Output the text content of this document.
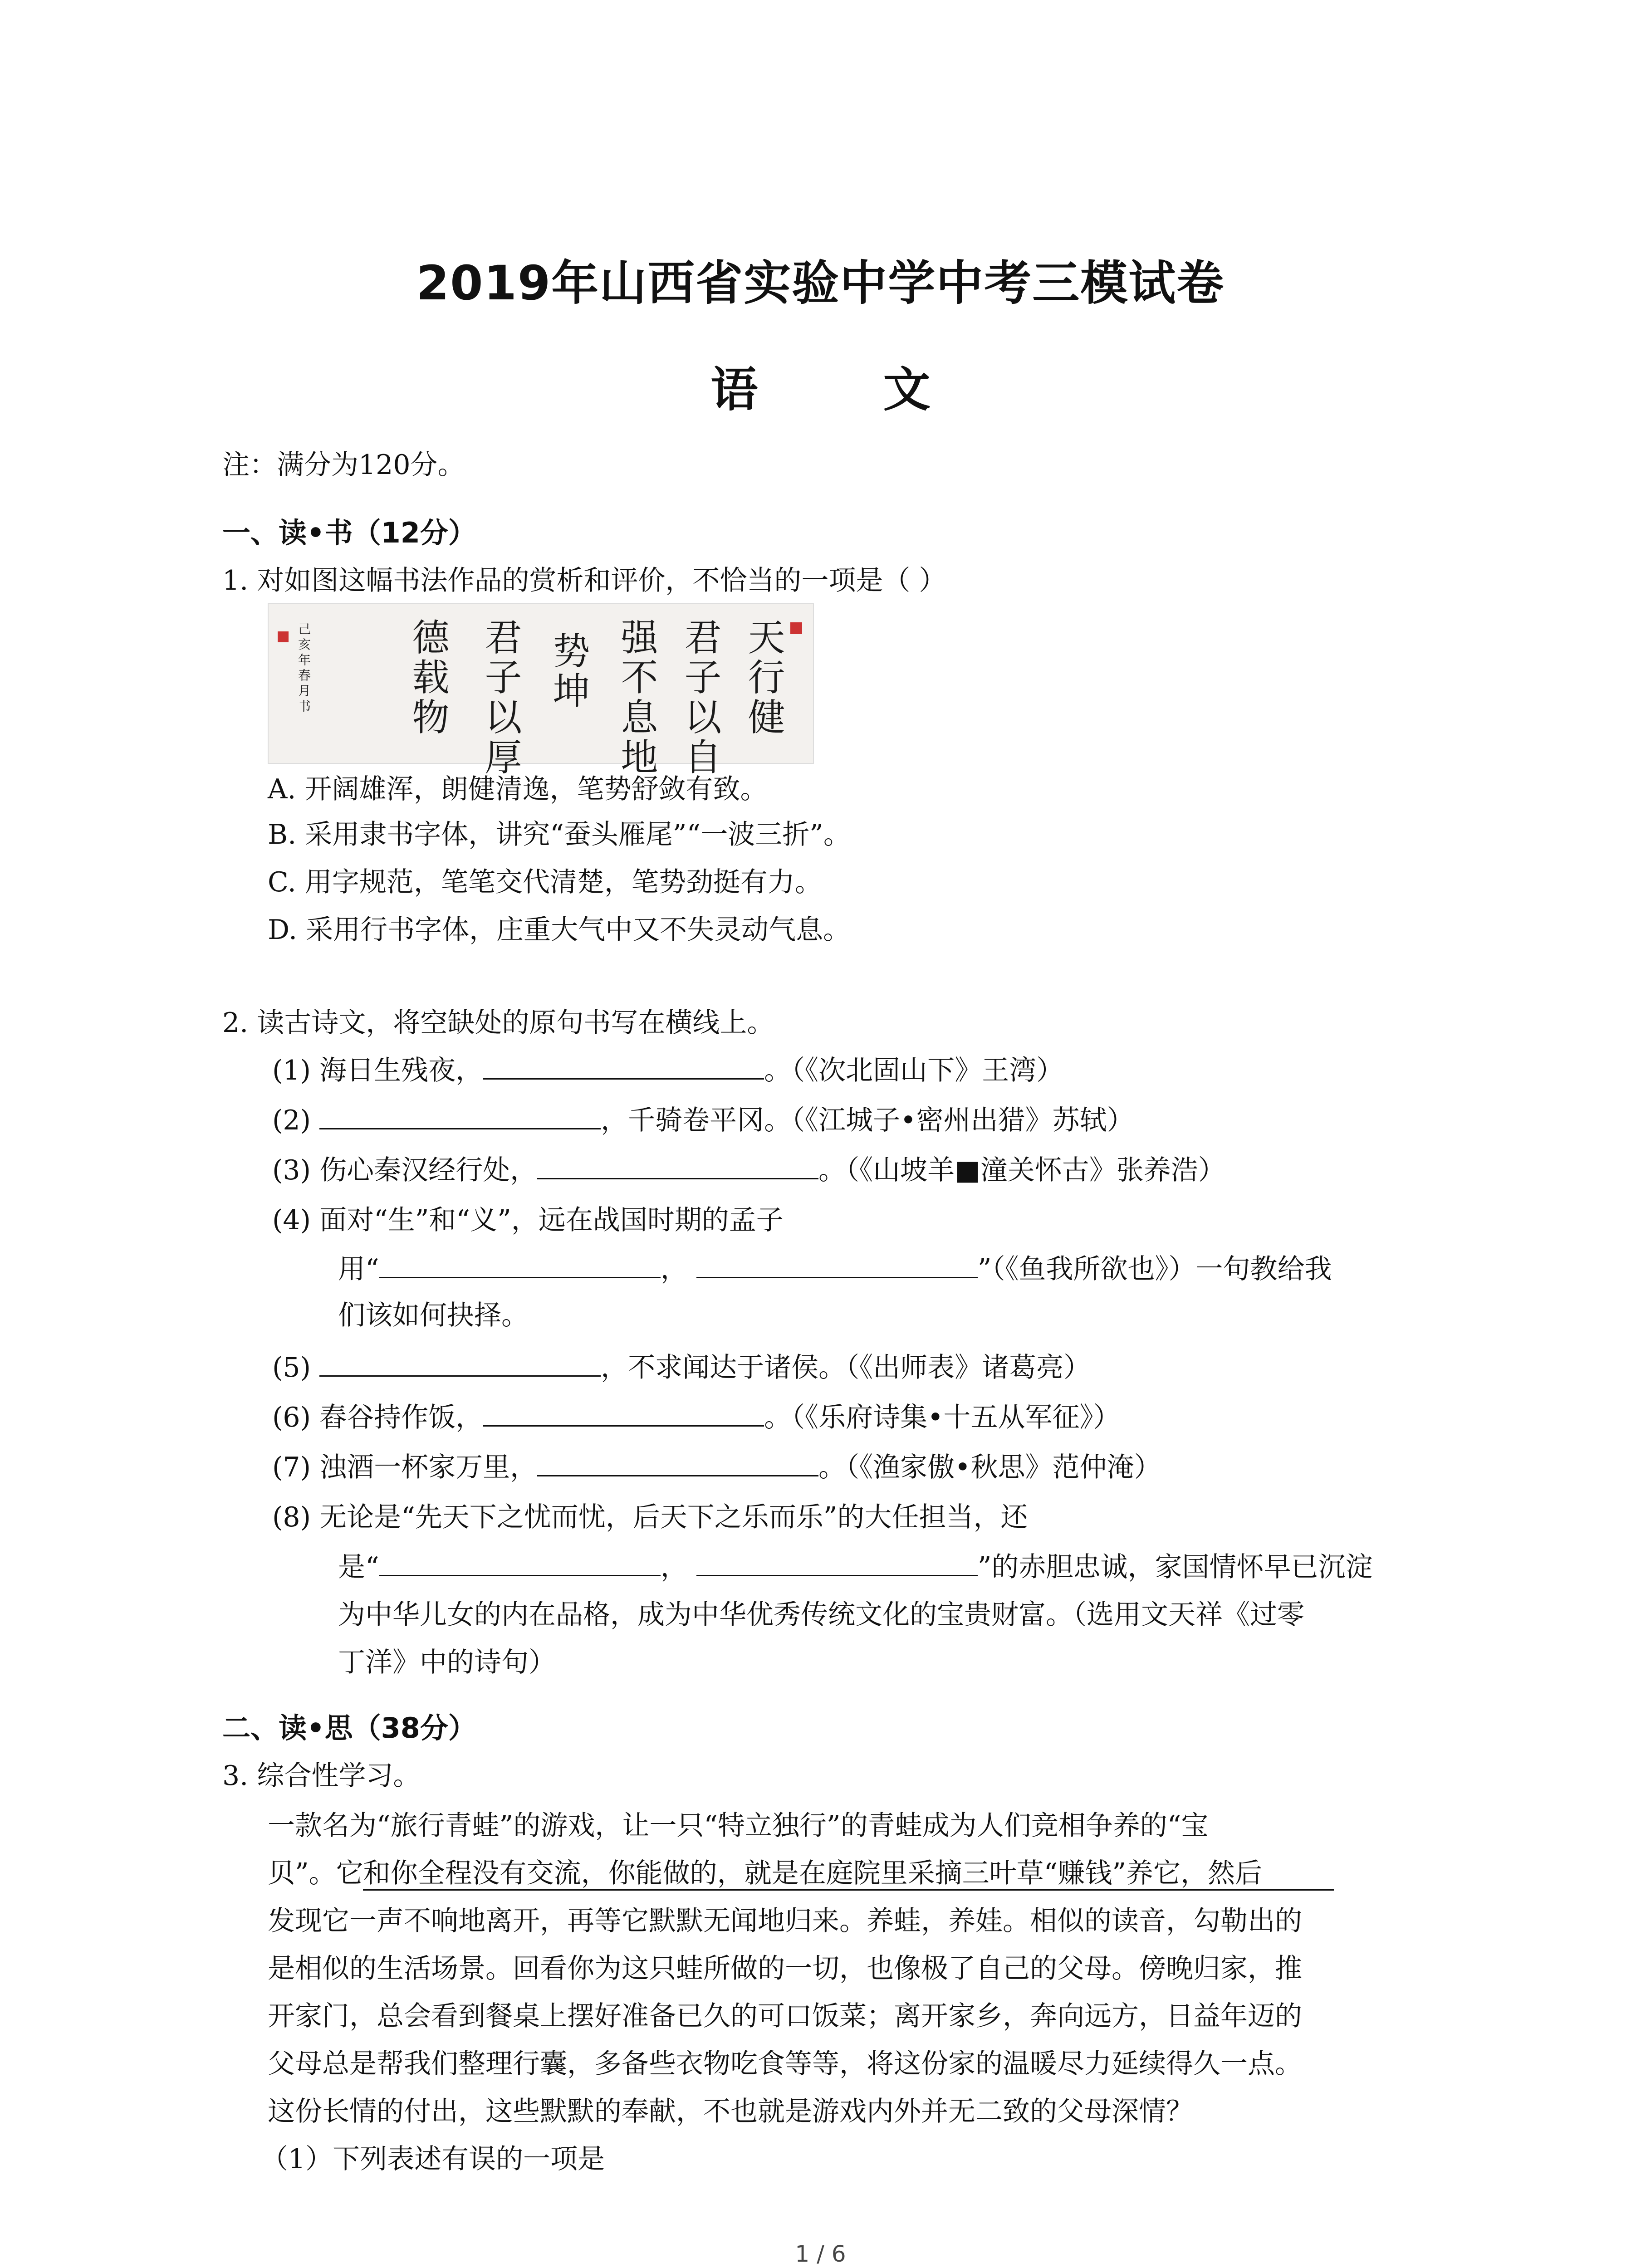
2019年山西省实验中学中考三模试卷
语 文
注：满分为120分。
一、读•书（12分）
1. 对如图这幅书法作品的赏析和评价，不恰当的一项是（ ）
天行健
君子以自
强不息地
势坤
君子以厚
德载物
己亥年春月书
A. 开阔雄浑，朗健清逸，笔势舒敛有致。
B. 采用隶书字体，讲究“蚕头雁尾”“一波三折”。
C. 用字规范，笔笔交代清楚，笔势劲挺有力。
D. 采用行书字体，庄重大气中又不失灵动气息。
2. 读古诗文，将空缺处的原句书写在横线上。
(1) 海日生残夜，	。（《次北固山下》王湾）
(2)	，千骑卷平冈。（《江城子•密州出猎》苏轼）
(3) 伤心秦汉经行处，	。（《山坡羊■潼关怀古》张养浩）
(4) 面对“生”和“义”，远在战国时期的孟子
用“	，	”（《鱼我所欲也》）一句教给我
们该如何抉择。
(5)	，不求闻达于诸侯。（《出师表》诸葛亮）
(6) 舂谷持作饭，	。（《乐府诗集•十五从军征》）
(7) 浊酒一杯家万里，	。（《渔家傲•秋思》范仲淹）
(8) 无论是“先天下之忧而忧，后天下之乐而乐”的大任担当，还
是“	，	”的赤胆忠诚，家国情怀早已沉淀
为中华儿女的内在品格，成为中华优秀传统文化的宝贵财富。（选用文天祥《过零
丁洋》中的诗句）
二、读•思（38分）
3. 综合性学习。
一款名为“旅行青蛙”的游戏，让一只“特立独行”的青蛙成为人们竞相争养的“宝
贝”。它和你全程没有交流，你能做的，就是在庭院里采摘三叶草“赚钱”养它，然后
发现它一声不响地离开，再等它默默无闻地归来。养蛙，养娃。相似的读音，勾勒出的
是相似的生活场景。回看你为这只蛙所做的一切，也像极了自己的父母。傍晚归家，推
开家门，总会看到餐桌上摆好准备已久的可口饭菜；离开家乡，奔向远方，日益年迈的
父母总是帮我们整理行囊，多备些衣物吃食等等，将这份家的温暖尽力延续得久一点。
这份长情的付出，这些默默的奉献，不也就是游戏内外并无二致的父母深情？
（1）下列表述有误的一项是
1 / 6
